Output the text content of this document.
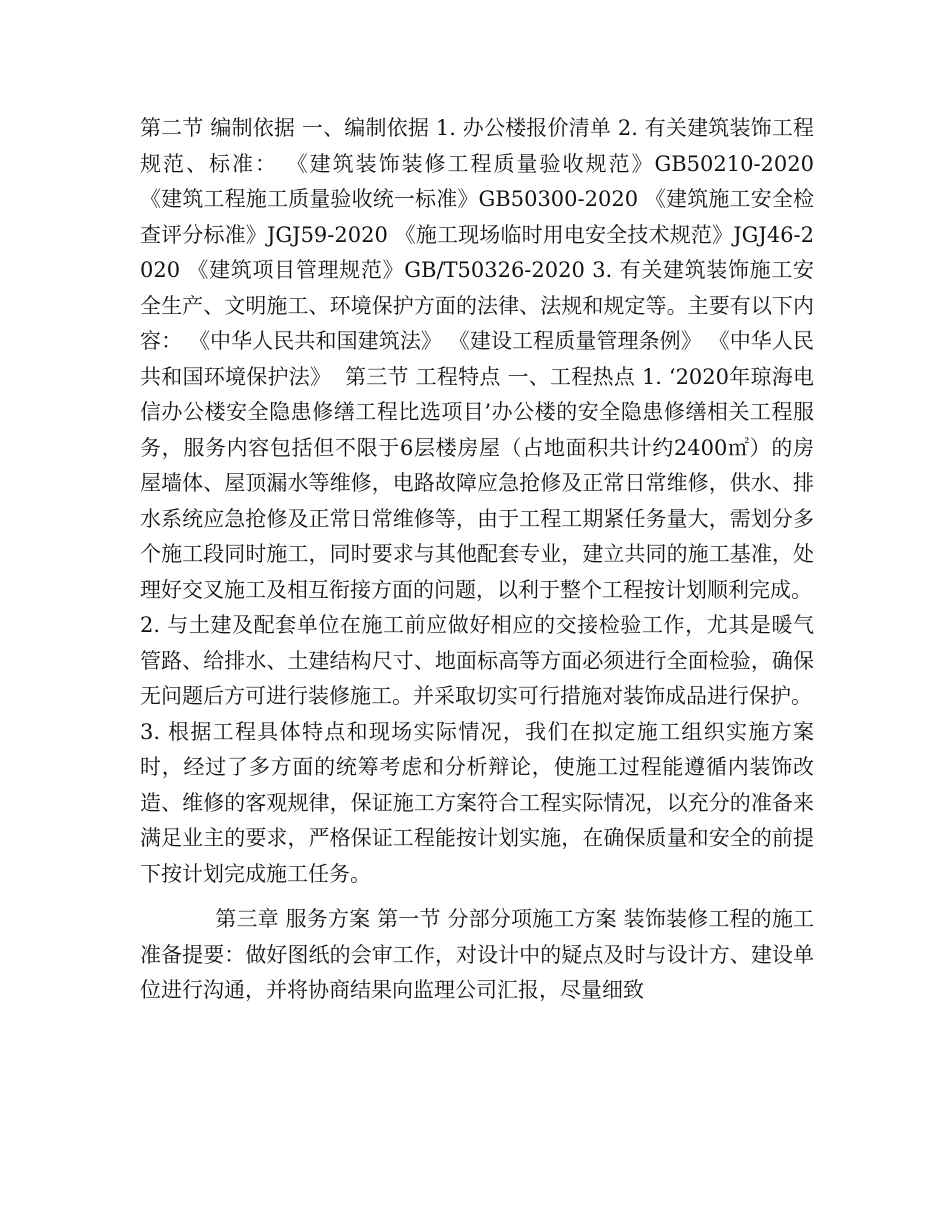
第二节 编制依据 一、编制依据 1. 办公楼报价清单 2. 有关建筑装饰工程规范、标准： 《建筑装饰装修工程质量验收规范》GB50210-2020 《建筑工程施工质量验收统一标准》GB50300-2020 《建筑施工安全检查评分标准》JGJ59-2020 《施工现场临时用电安全技术规范》JGJ46-2020 《建筑项目管理规范》GB/T50326-2020 3. 有关建筑装饰施工安全生产、文明施工、环境保护方面的法律、法规和规定等。主要有以下内容： 《中华人民共和国建筑法》 《建设工程质量管理条例》 《中华人民共和国环境保护法》  第三节 工程特点 一、工程热点 1. ‘2020年琼海电信办公楼安全隐患修缮工程比选项目’办公楼的安全隐患修缮相关工程服务，服务内容包括但不限于6层楼房屋（占地面积共计约2400㎡）的房屋墙体、屋顶漏水等维修，电路故障应急抢修及正常日常维修，供水、排水系统应急抢修及正常日常维修等，由于工程工期紧任务量大，需划分多个施工段同时施工，同时要求与其他配套专业，建立共同的施工基准，处理好交叉施工及相互衔接方面的问题，以利于整个工程按计划顺利完成。

2. 与土建及配套单位在施工前应做好相应的交接检验工作，尤其是暖气管路、给排水、土建结构尺寸、地面标高等方面必须进行全面检验，确保无问题后方可进行装修施工。并采取切实可行措施对装饰成品进行保护。

3. 根据工程具体特点和现场实际情况，我们在拟定施工组织实施方案时，经过了多方面的统筹考虑和分析辩论，使施工过程能遵循内装饰改造、维修的客观规律，保证施工方案符合工程实际情况，以充分的准备来满足业主的要求，严格保证工程能按计划实施，在确保质量和安全的前提下按计划完成施工任务。

第三章 服务方案 第一节 分部分项施工方案 装饰装修工程的施工准备提要：做好图纸的会审工作，对设计中的疑点及时与设计方、建设单位进行沟通，并将协商结果向监理公司汇报，尽量细致
